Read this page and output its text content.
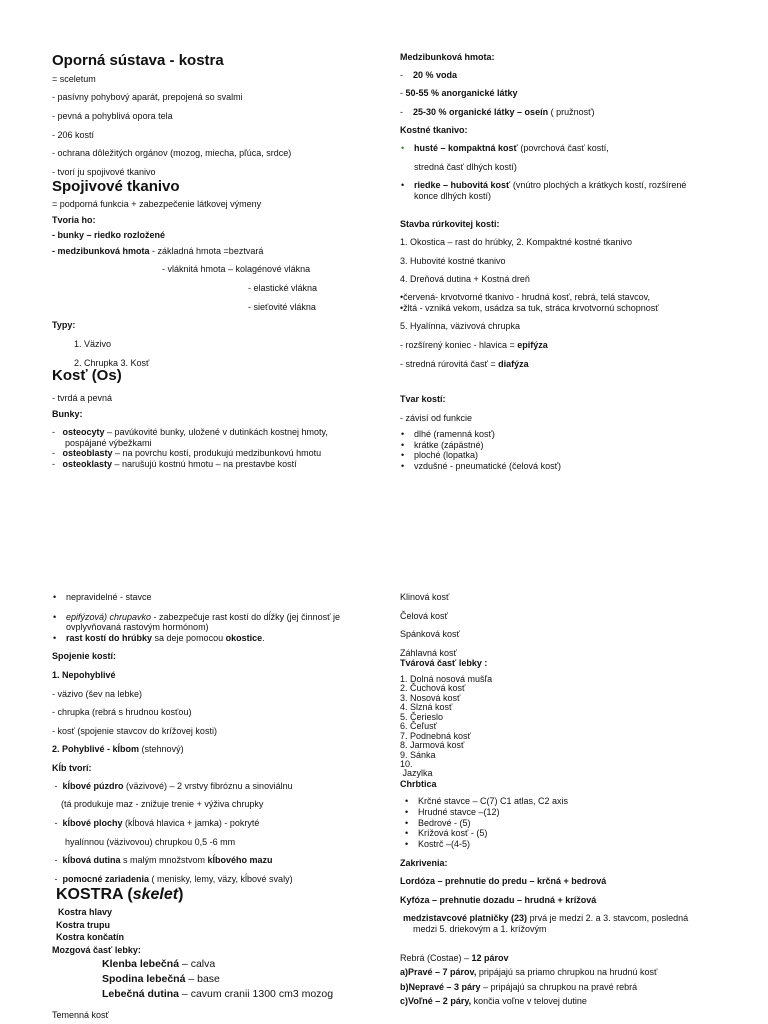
Oporná sústava - kostra

= sceletum

- pasívny pohybový aparát, prepojená so svalmi

- pevná a pohyblivá opora tela

- 206 kostí

- ochrana dôležitých orgánov (mozog, miecha, pľúca, srdce)

- tvorí ju spojivové tkanivo

Spojivové tkanivo

= podporná funkcia + zabezpečenie látkovej výmeny

Tvoria ho:

- bunky – riedko rozložené

- medzibunková hmota - základná hmota =beztvará

- vláknitá hmota – kolagénové vlákna

- elastické vlákna

- sieťovité vlákna

Typy:

1. Väzivo

2. Chrupka 3. Kosť

Kosť (Os)

- tvrdá a pevná

Bunky:

-   osteocyty – pavúkovité bunky, uložené v dutinkách kostnej hmoty,

pospájané výbežkami

-   osteoblasty – na povrchu kostí, produkujú medzibunkovú hmotu

-   osteoklasty – narušujú kostnú hmotu – na prestavbe kostí

Medzibunková hmota:

-    20 % voda

- 50-55 % anorganické látky

-    25-30 % organické látky – oseín ( pružnosť)

Kostné tkanivo:

• husté – kompaktná kosť (povrchová časť kostí,

stredná časť dlhých kostí)

• riedke – hubovitá kosť (vnútro plochých a krátkych kostí, rozšírené

konce dlhých kostí)

Stavba rúrkovitej kosti:

1. Okostica – rast do hrúbky, 2. Kompaktné kostné tkanivo

3. Hubovité kostné tkanivo

4. Dreňová dutina + Kostná dreň

•červená- krvotvorné tkanivo - hrudná kosť, rebrá, telá stavcov,

•žltá - vzniká vekom, usádza sa tuk, stráca krvotvornú schopnosť

5. Hyalínna, väzivová chrupka

- rozšírený koniec - hlavica = epifýza

- stredná rúrovitá časť = diafýza

Tvar kostí:

- závisí od funkcie

• dlhé (ramenná kosť)

• krátke (zápästné)

• ploché (lopatka)

• vzdušné - pneumatické (čelová kosť)

• nepravidelné - stavce

• epifýzová) chrupavko - zabezpečuje rast kostí do dĺžky (jej činnosť je

ovplyvňovaná rastovým hormónom)

• rast kostí do hrúbky sa deje pomocou okostice.

Spojenie kostí:

1. Nepohyblivé

- väzivo (šev na lebke)

- chrupka (rebrá s hrudnou kosťou)

- kosť (spojenie stavcov do krížovej kosti)

2. Pohyblivé - kĺbom (stehnový)

Kĺb tvorí:

-  kĺbové púzdro (väzivové) – 2 vrstvy fibróznu a sinoviálnu

(tá produkuje maz - znižuje trenie + výživa chrupky

-  kĺbové plochy (kĺbová hlavica + jamka) - pokryté

hyalínnou (väzivovou) chrupkou 0,5 -6 mm

-  kĺbová dutina s malým množstvom kĺbového mazu

-  pomocné zariadenia ( menisky, lemy, väzy, kĺbové svaly)

KOSTRA (skelet)

Kostra hlavy

Kostra trupu

Kostra končatín

Mozgová časť lebky:

Klenba lebečná – calva

Spodina lebečná – base

Lebečná dutina – cavum cranii 1300 cm3 mozog

Temenná kosť

Klinová kosť

Čelová kosť

Spánková kosť

Záhlavná kosť

Tvárová časť lebky :

1. Dolná nosová mušľa

2. Čuchová kosť

3. Nosová kosť

4. Slzná kosť

5. Čerieslo

6. Čeľusť

7. Podnebná kosť

8. Jarmová kosť

9. Sánka

10.

Jazylka

Chrbtica

• Krčné stavce – C(7) C1 atlas, C2 axis

• Hrudné stavce –(12)

• Bedrové - (5)

• Krížová kosť - (5)

• Kostrč –(4-5)

Zakrivenia:

Lordóza – prehnutie do predu – krčná + bedrová

Kyfóza – prehnutie dozadu – hrudná + krížová

medzistavcové platničky (23) prvá je medzi 2. a 3. stavcom, posledná

medzi 5. driekovým a 1. krížovým

Rebrá (Costae) – 12 párov

a)Pravé – 7 párov, pripájajú sa priamo chrupkou na hrudnú kosť

b)Nepravé – 3 páry – pripájajú sa chrupkou na pravé rebrá

c)Voľné – 2 páry, končia voľne v telovej dutine
